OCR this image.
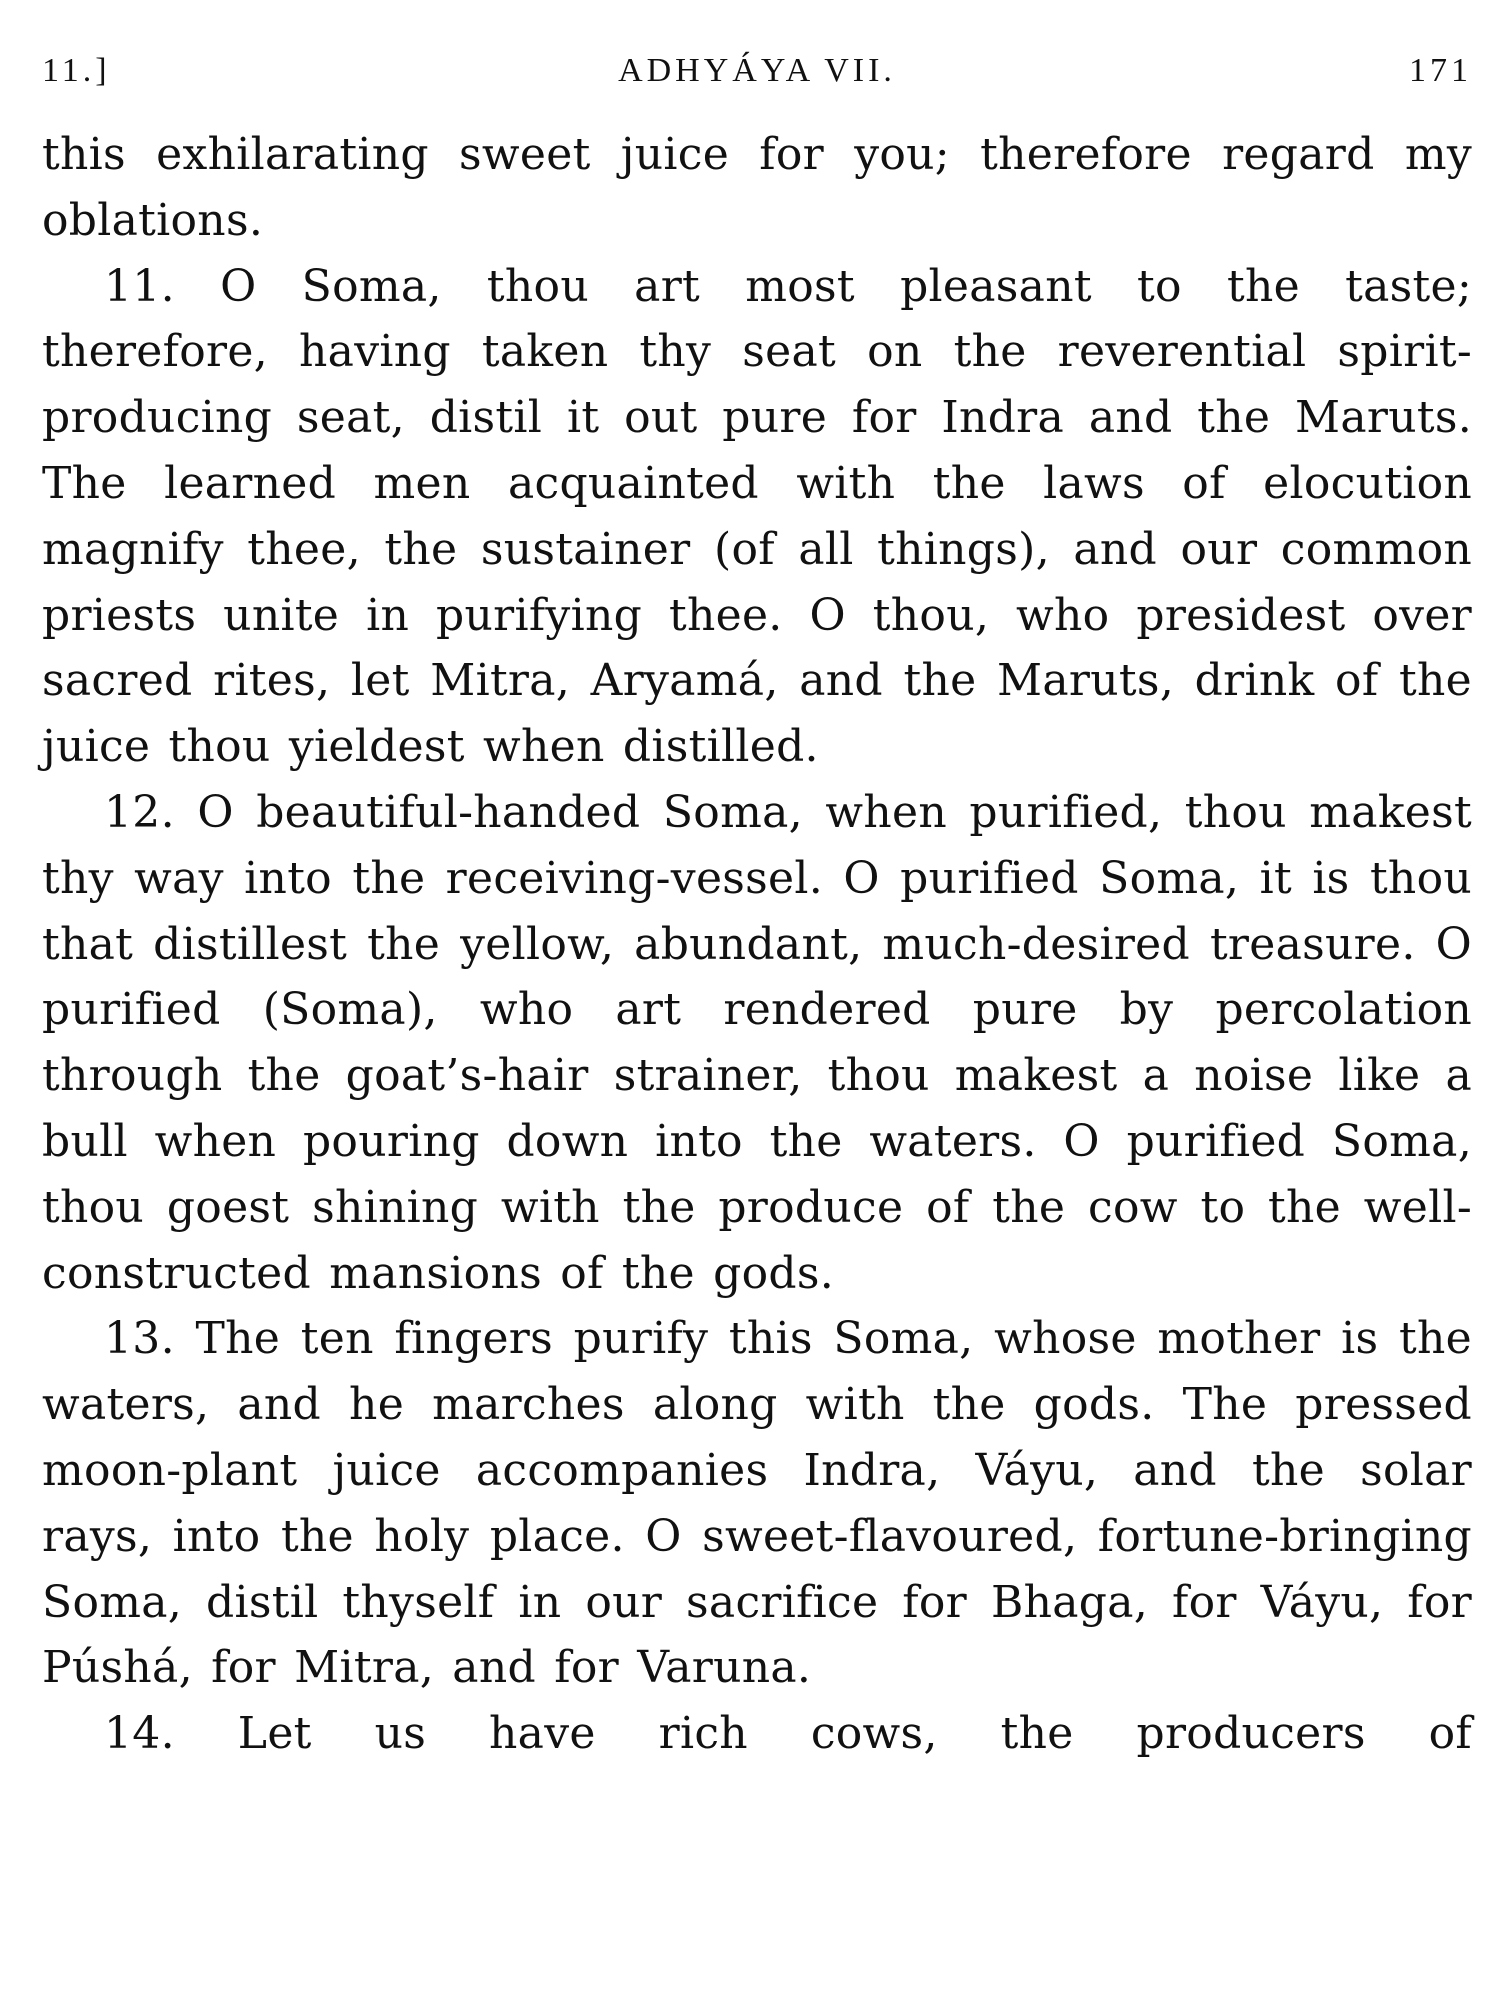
11.]	ADHYÁYA VII.	171

this exhilarating sweet juice for you; therefore regard my oblations.

11. O Soma, thou art most pleasant to the taste; therefore, having taken thy seat on the reverential spirit-producing seat, distil it out pure for Indra and the Maruts. The learned men acquainted with the laws of elocution magnify thee, the sustainer (of all things), and our common priests unite in purifying thee. O thou, who presidest over sacred rites, let Mitra, Aryamá, and the Maruts, drink of the juice thou yieldest when distilled.

12. O beautiful-handed Soma, when purified, thou makest thy way into the receiving-vessel. O purified Soma, it is thou that distillest the yellow, abundant, much-desired treasure. O purified (Soma), who art rendered pure by percolation through the goat’s-hair strainer, thou makest a noise like a bull when pouring down into the waters. O purified Soma, thou goest shining with the produce of the cow to the well-constructed mansions of the gods.

13. The ten fingers purify this Soma, whose mother is the waters, and he marches along with the gods. The pressed moon-plant juice accompanies Indra, Váyu, and the solar rays, into the holy place. O sweet-flavoured, fortune-bringing Soma, distil thyself in our sacrifice for Bhaga, for Váyu, for Púshá, for Mitra, and for Varuna.

14. Let us have rich cows, the producers of
